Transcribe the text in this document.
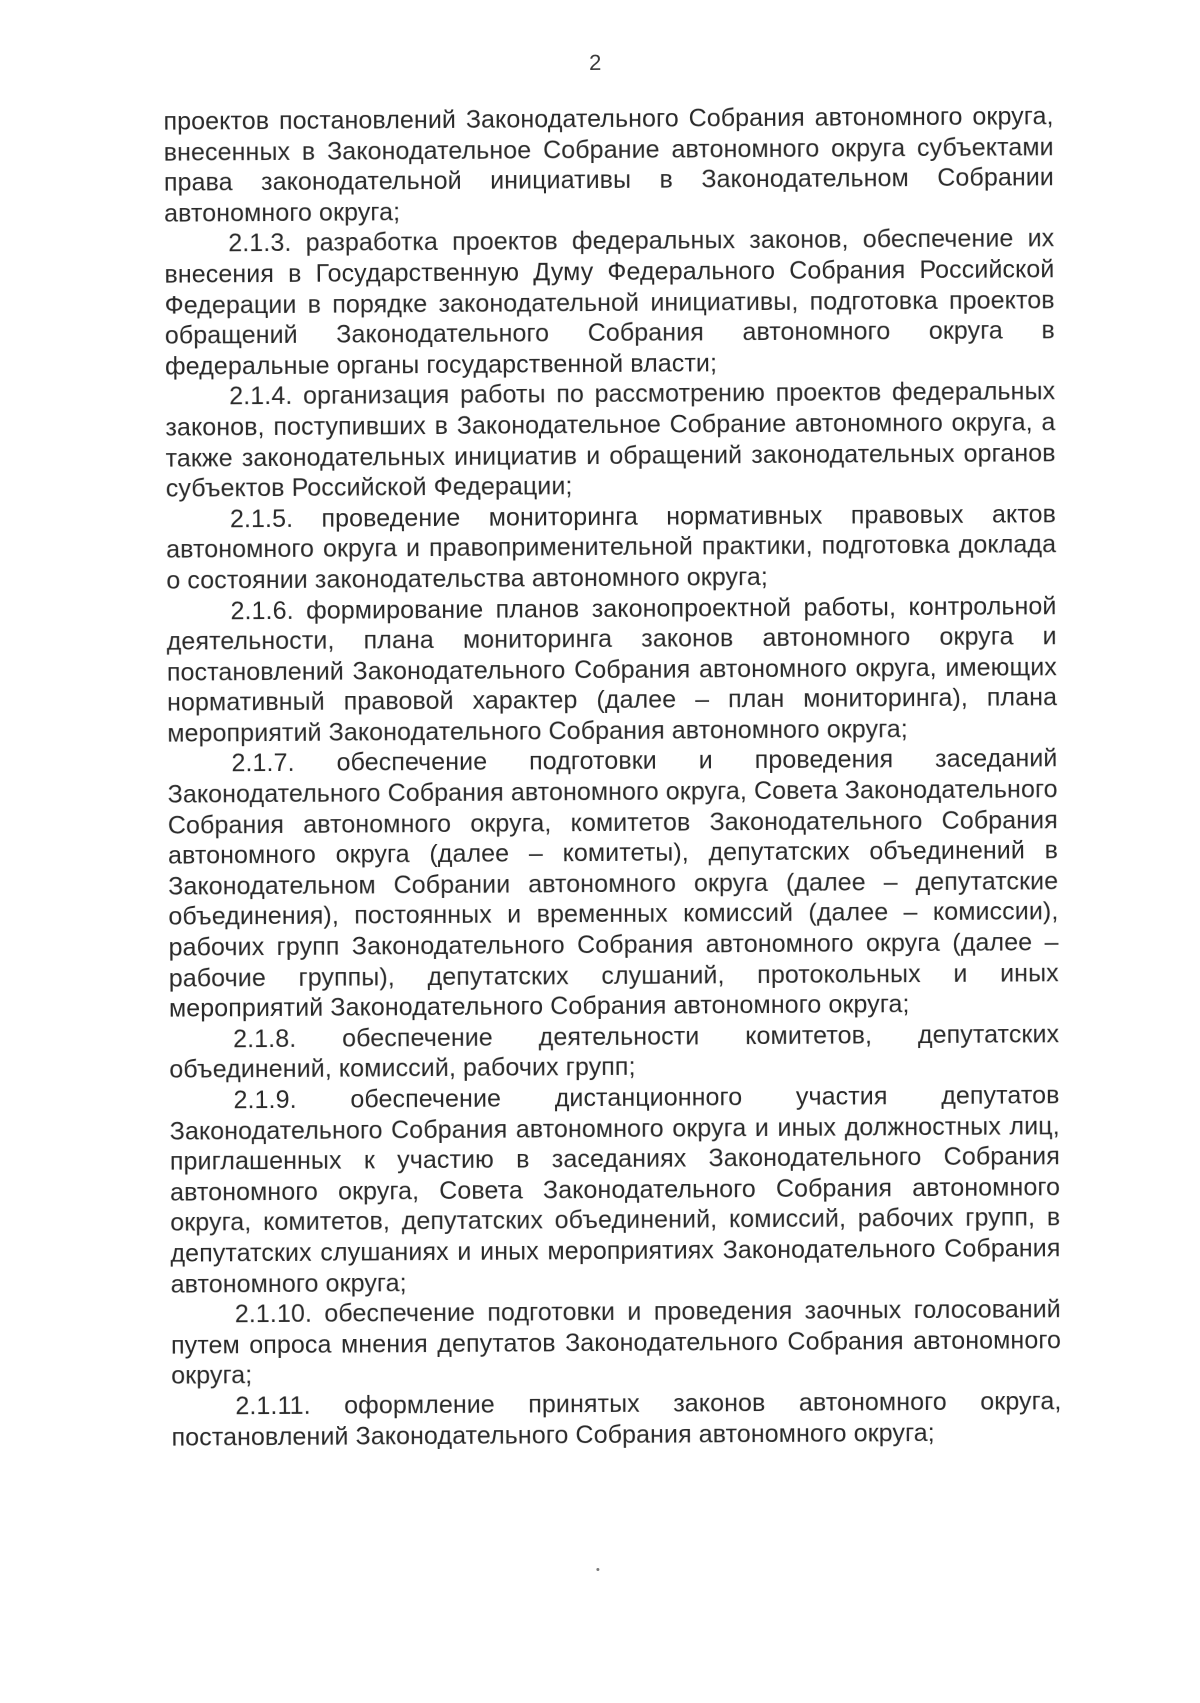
2

проектов постановлений Законодательного Собрания автономного округа, внесенных в Законодательное Собрание автономного округа субъектами права законодательной инициативы в Законодательном Собрании автономного округа;

2.1.3. разработка проектов федеральных законов, обеспечение их внесения в Государственную Думу Федерального Собрания Российской Федерации в порядке законодательной инициативы, подготовка проектов обращений Законодательного Собрания автономного округа в федеральные органы государственной власти;

2.1.4. организация работы по рассмотрению проектов федеральных законов, поступивших в Законодательное Собрание автономного округа, а также законодательных инициатив и обращений законодательных органов субъектов Российской Федерации;

2.1.5. проведение мониторинга нормативных правовых актов автономного округа и правоприменительной практики, подготовка доклада о состоянии законодательства автономного округа;

2.1.6. формирование планов законопроектной работы, контрольной деятельности, плана мониторинга законов автономного округа и постановлений Законодательного Собрания автономного округа, имеющих нормативный правовой характер (далее – план мониторинга), плана мероприятий Законодательного Собрания автономного округа;

2.1.7. обеспечение подготовки и проведения заседаний Законодательного Собрания автономного округа, Совета Законодательного Собрания автономного округа, комитетов Законодательного Собрания автономного округа (далее – комитеты), депутатских объединений в Законодательном Собрании автономного округа (далее – депутатские объединения), постоянных и временных комиссий (далее – комиссии), рабочих групп Законодательного Собрания автономного округа (далее – рабочие группы), депутатских слушаний, протокольных и иных мероприятий Законодательного Собрания автономного округа;

2.1.8. обеспечение деятельности комитетов, депутатских объединений, комиссий, рабочих групп;

2.1.9. обеспечение дистанционного участия депутатов Законодательного Собрания автономного округа и иных должностных лиц, приглашенных к участию в заседаниях Законодательного Собрания автономного округа, Совета Законодательного Собрания автономного округа, комитетов, депутатских объединений, комиссий, рабочих групп, в депутатских слушаниях и иных мероприятиях Законодательного Собрания автономного округа;

2.1.10. обеспечение подготовки и проведения заочных голосований путем опроса мнения депутатов Законодательного Собрания автономного округа;

2.1.11. оформление принятых законов автономного округа, постановлений Законодательного Собрания автономного округа;
